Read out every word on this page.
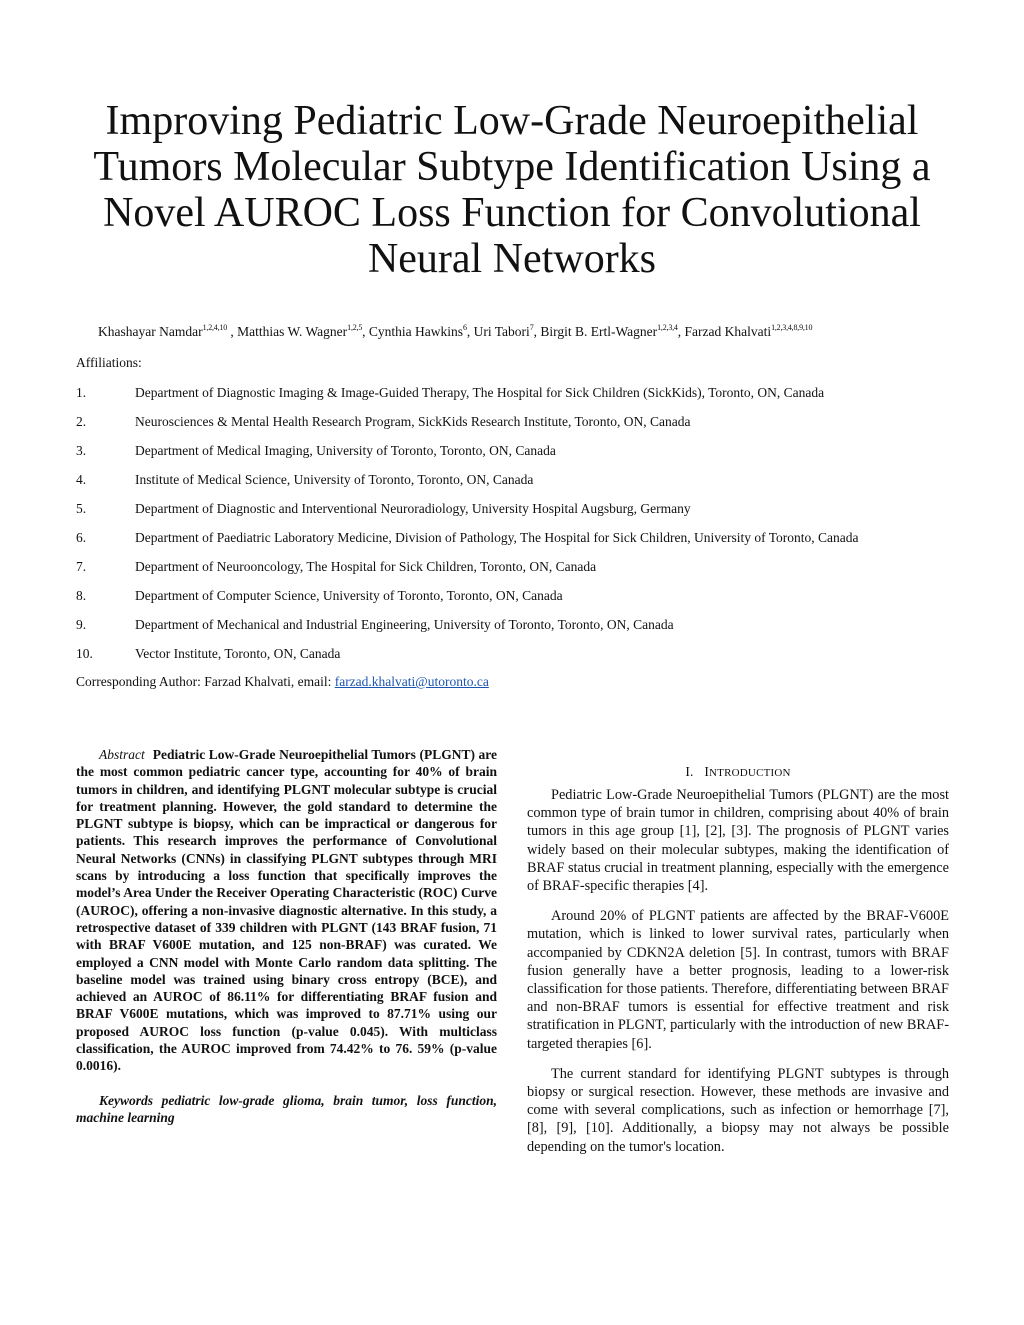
Improving Pediatric Low-Grade Neuroepithelial Tumors Molecular Subtype Identification Using a Novel AUROC Loss Function for Convolutional Neural Networks
Khashayar Namdar$^{1,2,4,10}$ , Matthias W. Wagner$^{1,2,5}$, Cynthia Hawkins$^6$, Uri Tabori$^7$, Birgit B. Ertl-Wagner$^{1,2,3,4}$, Farzad Khalvati$^{1,2,3,4,8,9,10}$
Affiliations:
1.	Department of Diagnostic Imaging & Image-Guided Therapy, The Hospital for Sick Children (SickKids), Toronto, ON, Canada
2.	Neurosciences & Mental Health Research Program, SickKids Research Institute, Toronto, ON, Canada
3.	Department of Medical Imaging, University of Toronto, Toronto, ON, Canada
4.	Institute of Medical Science, University of Toronto, Toronto, ON, Canada
5.	Department of Diagnostic and Interventional Neuroradiology, University Hospital Augsburg, Germany
6.	Department of Paediatric Laboratory Medicine, Division of Pathology, The Hospital for Sick Children, University of Toronto, Canada
7.	Department of Neurooncology, The Hospital for Sick Children, Toronto, ON, Canada
8.	Department of Computer Science, University of Toronto, Toronto, ON, Canada
9.	Department of Mechanical and Industrial Engineering, University of Toronto, Toronto, ON, Canada
10.	Vector Institute, Toronto, ON, Canada
Corresponding Author: Farzad Khalvati, email: farzad.khalvati@utoronto.ca

Abstract Pediatric Low-Grade Neuroepithelial Tumors (PLGNT) are the most common pediatric cancer type, accounting for 40% of brain tumors in children, and identifying PLGNT molecular subtype is crucial for treatment planning. However, the gold standard to determine the PLGNT subtype is biopsy, which can be impractical or dangerous for patients. This research improves the performance of Convolutional Neural Networks (CNNs) in classifying PLGNT subtypes through MRI scans by introducing a loss function that specifically improves the model’s Area Under the Receiver Operating Characteristic (ROC) Curve (AUROC), offering a non-invasive diagnostic alternative. In this study, a retrospective dataset of 339 children with PLGNT (143 BRAF fusion, 71 with BRAF V600E mutation, and 125 non-BRAF) was curated. We employed a CNN model with Monte Carlo random data splitting. The baseline model was trained using binary cross entropy (BCE), and achieved an AUROC of 86.11% for differentiating BRAF fusion and BRAF V600E mutations, which was improved to 87.71% using our proposed AUROC loss function (p-value 0.045). With multiclass classification, the AUROC improved from 74.42% to 76. 59% (p-value 0.0016).

Keywords pediatric low-grade glioma, brain tumor, loss function, machine learning

I. INTRODUCTION

Pediatric Low-Grade Neuroepithelial Tumors (PLGNT) are the most common type of brain tumor in children, comprising about 40% of brain tumors in this age group [1], [2], [3]. The prognosis of PLGNT varies widely based on their molecular subtypes, making the identification of BRAF status crucial in treatment planning, especially with the emergence of BRAF-specific therapies [4].

Around 20% of PLGNT patients are affected by the BRAF-V600E mutation, which is linked to lower survival rates, particularly when accompanied by CDKN2A deletion [5]. In contrast, tumors with BRAF fusion generally have a better prognosis, leading to a lower-risk classification for those patients. Therefore, differentiating between BRAF and non-BRAF tumors is essential for effective treatment and risk stratification in PLGNT, particularly with the introduction of new BRAF-targeted therapies [6].

The current standard for identifying PLGNT subtypes is through biopsy or surgical resection. However, these methods are invasive and come with several complications, such as infection or hemorrhage [7], [8], [9], [10]. Additionally, a biopsy may not always be possible depending on the tumor's location.
